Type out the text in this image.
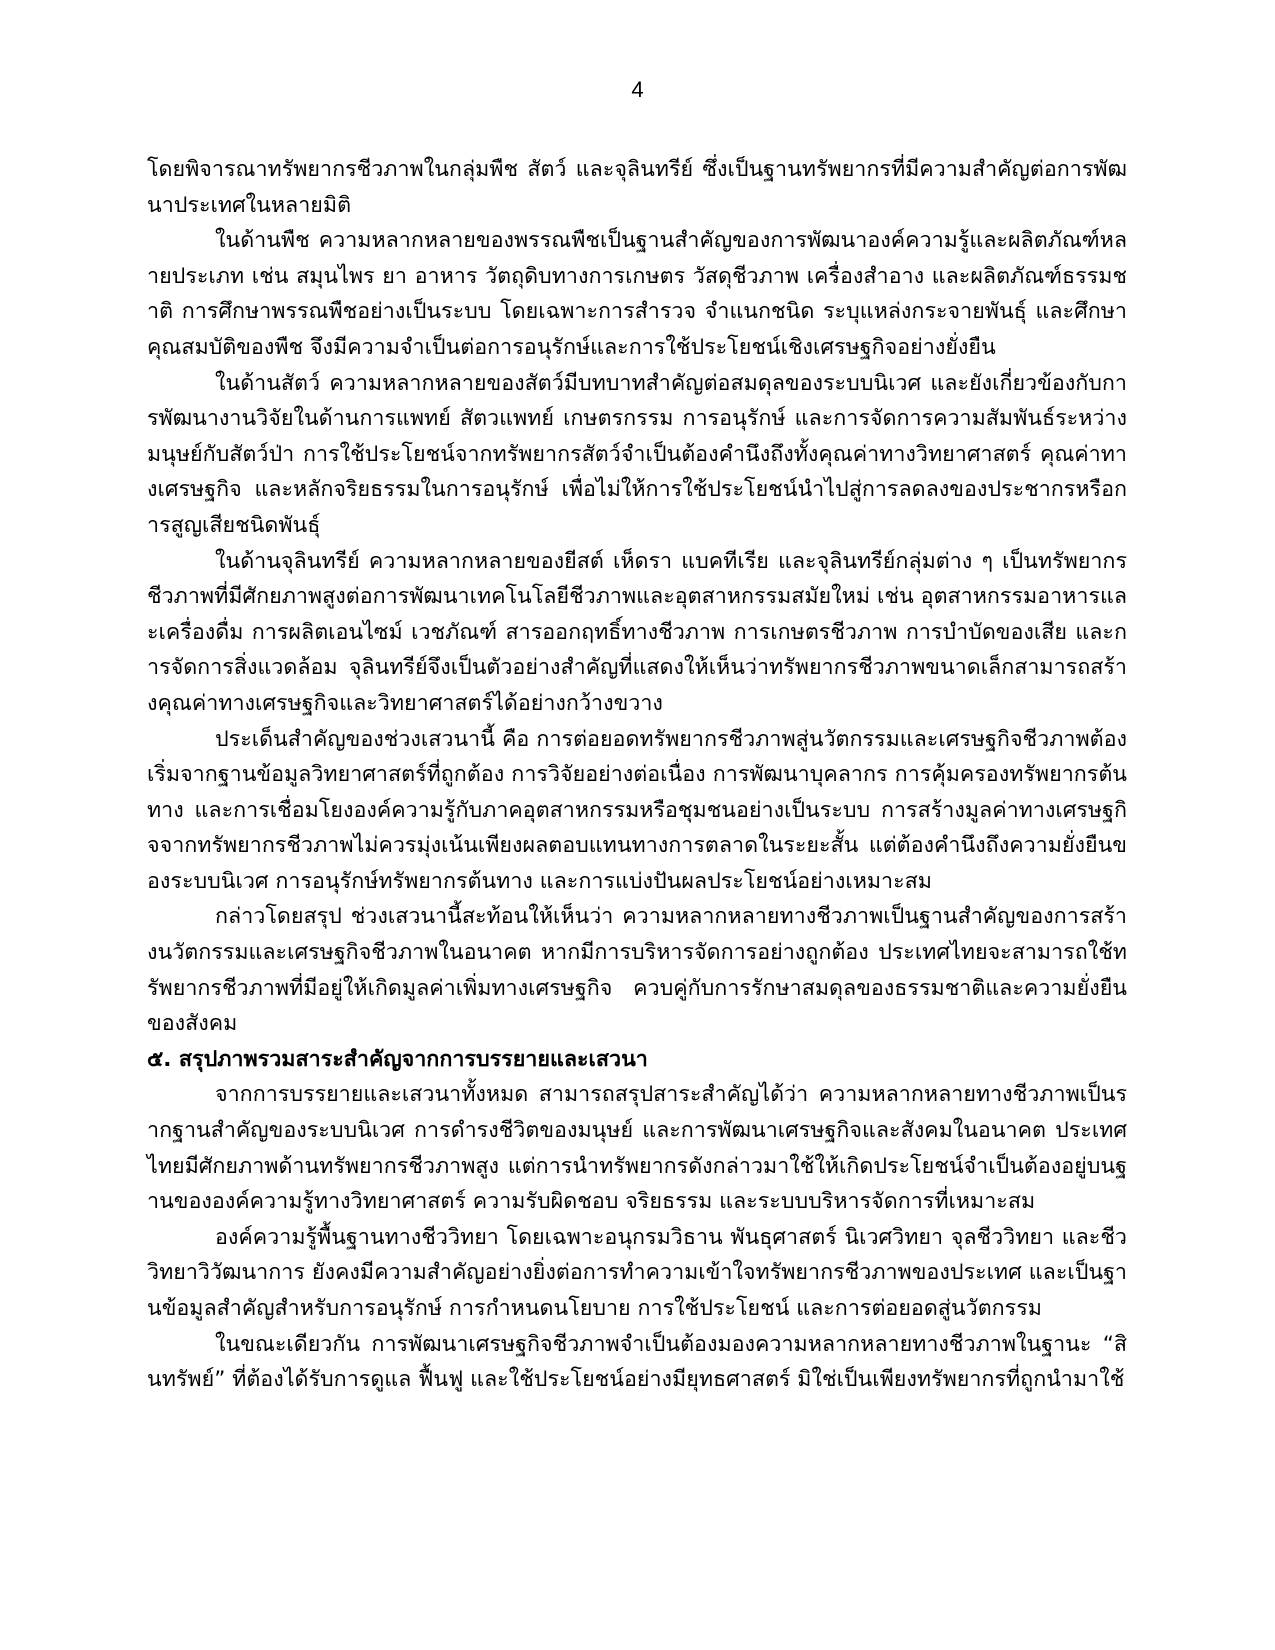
4

โดยพิจารณาทรัพยากรชีวภาพในกลุ่มพืช สัตว์ และจุลินทรีย์ ซึ่งเป็นฐานทรัพยากรที่มีความสำคัญต่อการพัฒนาประเทศในหลายมิติ

ในด้านพืช ความหลากหลายของพรรณพืชเป็นฐานสำคัญของการพัฒนาองค์ความรู้และผลิตภัณฑ์หลายประเภท เช่น สมุนไพร ยา อาหาร วัตถุดิบทางการเกษตร วัสดุชีวภาพ เครื่องสำอาง และผลิตภัณฑ์ธรรมชาติ การศึกษาพรรณพืชอย่างเป็นระบบ โดยเฉพาะการสำรวจ จำแนกชนิด ระบุแหล่งกระจายพันธุ์ และศึกษาคุณสมบัติของพืช จึงมีความจำเป็นต่อการอนุรักษ์และการใช้ประโยชน์เชิงเศรษฐกิจอย่างยั่งยืน

ในด้านสัตว์ ความหลากหลายของสัตว์มีบทบาทสำคัญต่อสมดุลของระบบนิเวศ และยังเกี่ยวข้องกับการพัฒนางานวิจัยในด้านการแพทย์ สัตวแพทย์ เกษตรกรรม การอนุรักษ์ และการจัดการความสัมพันธ์ระหว่างมนุษย์กับสัตว์ป่า การใช้ประโยชน์จากทรัพยากรสัตว์จำเป็นต้องคำนึงถึงทั้งคุณค่าทางวิทยาศาสตร์ คุณค่าทางเศรษฐกิจ และหลักจริยธรรมในการอนุรักษ์ เพื่อไม่ให้การใช้ประโยชน์นำไปสู่การลดลงของประชากรหรือการสูญเสียชนิดพันธุ์

ในด้านจุลินทรีย์ ความหลากหลายของยีสต์ เห็ดรา แบคทีเรีย และจุลินทรีย์กลุ่มต่าง ๆ เป็นทรัพยากรชีวภาพที่มีศักยภาพสูงต่อการพัฒนาเทคโนโลยีชีวภาพและอุตสาหกรรมสมัยใหม่ เช่น อุตสาหกรรมอาหารและเครื่องดื่ม การผลิตเอนไซม์ เวชภัณฑ์ สารออกฤทธิ์ทางชีวภาพ การเกษตรชีวภาพ การบำบัดของเสีย และการจัดการสิ่งแวดล้อม จุลินทรีย์จึงเป็นตัวอย่างสำคัญที่แสดงให้เห็นว่าทรัพยากรชีวภาพขนาดเล็กสามารถสร้างคุณค่าทางเศรษฐกิจและวิทยาศาสตร์ได้อย่างกว้างขวาง

ประเด็นสำคัญของช่วงเสวนานี้ คือ การต่อยอดทรัพยากรชีวภาพสู่นวัตกรรมและเศรษฐกิจชีวภาพต้องเริ่มจากฐานข้อมูลวิทยาศาสตร์ที่ถูกต้อง การวิจัยอย่างต่อเนื่อง การพัฒนาบุคลากร การคุ้มครองทรัพยากรต้นทาง และการเชื่อมโยงองค์ความรู้กับภาคอุตสาหกรรมหรือชุมชนอย่างเป็นระบบ การสร้างมูลค่าทางเศรษฐกิจจากทรัพยากรชีวภาพไม่ควรมุ่งเน้นเพียงผลตอบแทนทางการตลาดในระยะสั้น แต่ต้องคำนึงถึงความยั่งยืนของระบบนิเวศ การอนุรักษ์ทรัพยากรต้นทาง และการแบ่งปันผลประโยชน์อย่างเหมาะสม

กล่าวโดยสรุป ช่วงเสวนานี้สะท้อนให้เห็นว่า ความหลากหลายทางชีวภาพเป็นฐานสำคัญของการสร้างนวัตกรรมและเศรษฐกิจชีวภาพในอนาคต หากมีการบริหารจัดการอย่างถูกต้อง ประเทศไทยจะสามารถใช้ทรัพยากรชีวภาพที่มีอยู่ให้เกิดมูลค่าเพิ่มทางเศรษฐกิจ ควบคู่กับการรักษาสมดุลของธรรมชาติและความยั่งยืนของสังคม

๕. สรุปภาพรวมสาระสำคัญจากการบรรยายและเสวนา

จากการบรรยายและเสวนาทั้งหมด สามารถสรุปสาระสำคัญได้ว่า ความหลากหลายทางชีวภาพเป็นรากฐานสำคัญของระบบนิเวศ การดำรงชีวิตของมนุษย์ และการพัฒนาเศรษฐกิจและสังคมในอนาคต ประเทศไทยมีศักยภาพด้านทรัพยากรชีวภาพสูง แต่การนำทรัพยากรดังกล่าวมาใช้ให้เกิดประโยชน์จำเป็นต้องอยู่บนฐานขององค์ความรู้ทางวิทยาศาสตร์ ความรับผิดชอบ จริยธรรม และระบบบริหารจัดการที่เหมาะสม

องค์ความรู้พื้นฐานทางชีววิทยา โดยเฉพาะอนุกรมวิธาน พันธุศาสตร์ นิเวศวิทยา จุลชีววิทยา และชีววิทยาวิวัฒนาการ ยังคงมีความสำคัญอย่างยิ่งต่อการทำความเข้าใจทรัพยากรชีวภาพของประเทศ และเป็นฐานข้อมูลสำคัญสำหรับการอนุรักษ์ การกำหนดนโยบาย การใช้ประโยชน์ และการต่อยอดสู่นวัตกรรม

ในขณะเดียวกัน การพัฒนาเศรษฐกิจชีวภาพจำเป็นต้องมองความหลากหลายทางชีวภาพในฐานะ “สินทรัพย์” ที่ต้องได้รับการดูแล ฟื้นฟู และใช้ประโยชน์อย่างมียุทธศาสตร์ มิใช่เป็นเพียงทรัพยากรที่ถูกนำมาใช้
